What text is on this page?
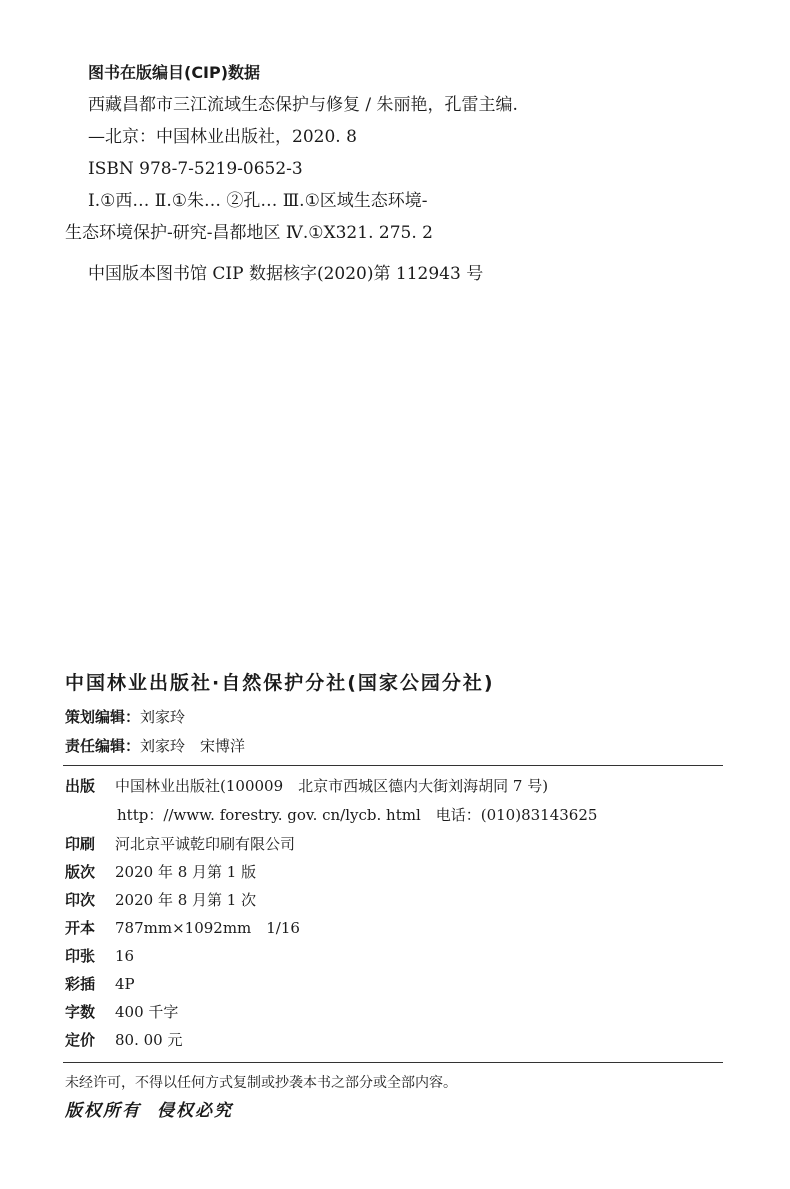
图书在版编目(CIP)数据
西藏昌都市三江流域生态保护与修复 / 朱丽艳，孔雷主编.
—北京：中国林业出版社，2020. 8
ISBN 978-7-5219-0652-3
Ⅰ.①西… Ⅱ.①朱… ②孔… Ⅲ.①区域生态环境-
生态环境保护-研究-昌都地区 Ⅳ.①X321. 275. 2
中国版本图书馆 CIP 数据核字(2020)第 112943 号
中国林业出版社·自然保护分社(国家公园分社)
策划编辑：刘家玲
责任编辑：刘家玲　宋博洋
出版 中国林业出版社(100009　北京市西城区德内大街刘海胡同 7 号)
http：//www. forestry. gov. cn/lycb. html　电话：(010)83143625
印刷 河北京平诚乾印刷有限公司
版次 2020 年 8 月第 1 版
印次 2020 年 8 月第 1 次
开本 787mm×1092mm　1/16
印张 16
彩插 4P
字数 400 千字
定价 80. 00 元
未经许可，不得以任何方式复制或抄袭本书之部分或全部内容。
版权所有 侵权必究
